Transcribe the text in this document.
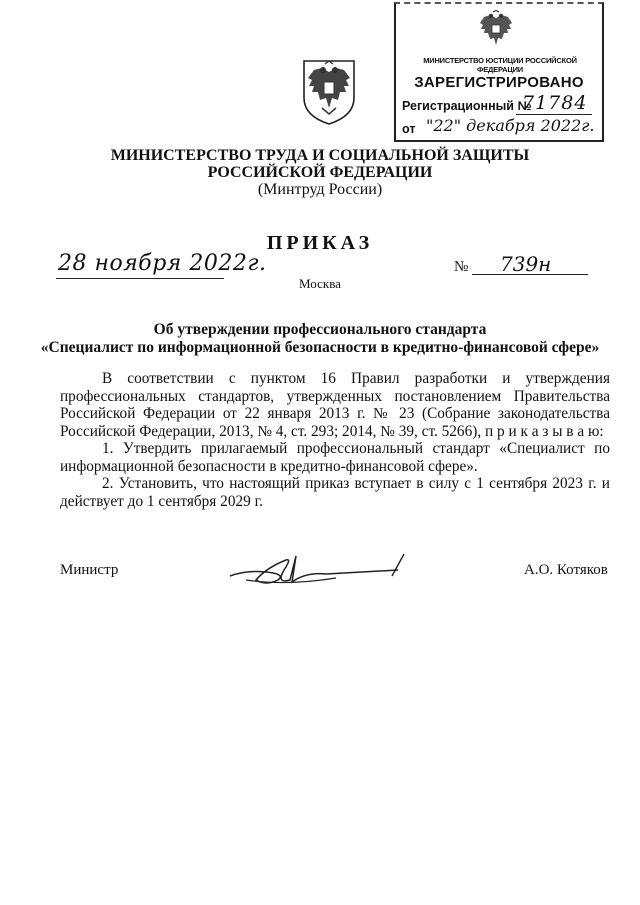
МИНИСТЕРСТВО ЮСТИЦИИ РОССИЙСКОЙ ФЕДЕРАЦИИ
ЗАРЕГИСТРИРОВАНО
Регистрационный №
71784
от "22" декабря 2022г.
МИНИСТЕРСТВО ТРУДА И СОЦИАЛЬНОЙ ЗАЩИТЫ
РОССИЙСКОЙ ФЕДЕРАЦИИ
(Минтруд России)
ПРИКАЗ
28 ноября 2022г.	№ 739н
Москва
Об утверждении профессионального стандарта
«Специалист по информационной безопасности в кредитно-финансовой сфере»

В соответствии с пунктом 16 Правил разработки и утверждения профессиональных стандартов, утвержденных постановлением Правительства Российской Федерации от 22 января 2013 г. № 23 (Собрание законодательства Российской Федерации, 2013, № 4, ст. 293; 2014, № 39, ст. 5266), п р и к а з ы в а ю:

1. Утвердить прилагаемый профессиональный стандарт «Специалист по информационной безопасности в кредитно-финансовой сфере».

2. Установить, что настоящий приказ вступает в силу с 1 сентября 2023 г. и действует до 1 сентября 2029 г.

Министр	А.О. Котяков
